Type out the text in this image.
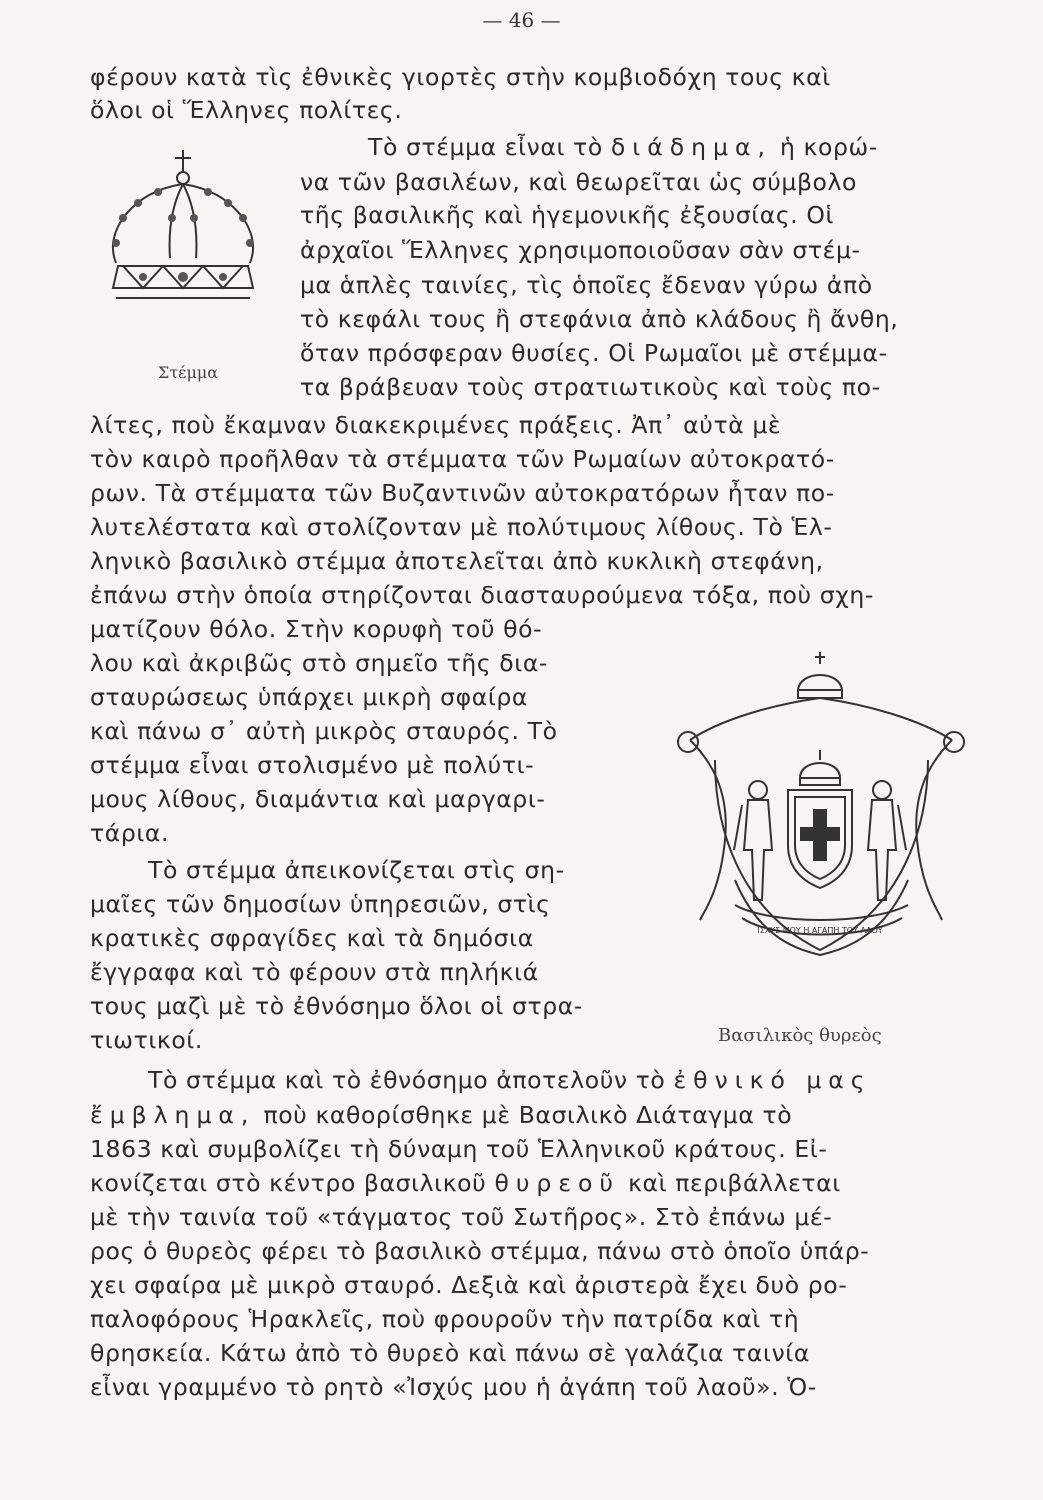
— 46 —
φέρουν κατὰ τὶς ἐθνικὲς γιορτὲς στὴν κομβιοδόχη τους καὶ
ὅλοι οἱ Ἕλληνες πολίτες.
Στέμμα
Τὸ στέμμα εἶναι τὸ διάδημα, ἡ κορώ-
να τῶν βασιλέων, καὶ θεωρεῖται ὡς σύμβολο
τῆς βασιλικῆς καὶ ἡγεμονικῆς ἐξουσίας. Οἱ
ἀρχαῖοι Ἕλληνες χρησιμοποιοῦσαν σὰν στέμ-
μα ἁπλὲς ταινίες, τὶς ὁποῖες ἔδεναν γύρω ἀπὸ
τὸ κεφάλι τους ἢ στεφάνια ἀπὸ κλάδους ἢ ἄνθη,
ὅταν πρόσφεραν θυσίες. Οἱ Ρωμαῖοι μὲ στέμμα-
τα βράβευαν τοὺς στρατιωτικοὺς καὶ τοὺς πο-
λίτες, ποὺ ἔκαμναν διακεκριμένες πράξεις. Ἀπ᾿ αὐτὰ μὲ
τὸν καιρὸ προῆλθαν τὰ στέμματα τῶν Ρωμαίων αὐτοκρατό-
ρων. Τὰ στέμματα τῶν Βυζαντινῶν αὐτοκρατόρων ἦταν πο-
λυτελέστατα καὶ στολίζονταν μὲ πολύτιμους λίθους. Τὸ Ἑλ-
ληνικὸ βασιλικὸ στέμμα ἀποτελεῖται ἀπὸ κυκλικὴ στεφάνη,
ἐπάνω στὴν ὁποία στηρίζονται διασταυρούμενα τόξα, ποὺ σχη-
ματίζουν θόλο. Στὴν κορυφὴ τοῦ θό-
λου καὶ ἀκριβῶς στὸ σημεῖο τῆς δια-
σταυρώσεως ὑπάρχει μικρὴ σφαίρα
καὶ πάνω σ᾿ αὐτὴ μικρὸς σταυρός. Τὸ
στέμμα εἶναι στολισμένο μὲ πολύτι-
μους λίθους, διαμάντια καὶ μαργαρι-
τάρια.
Τὸ στέμμα ἀπεικονίζεται στὶς ση-
μαῖες τῶν δημοσίων ὑπηρεσιῶν, στὶς
κρατικὲς σφραγίδες καὶ τὰ δημόσια
ἔγγραφα καὶ τὸ φέρουν στὰ πηλήκιά
τους μαζὶ μὲ τὸ ἐθνόσημο ὅλοι οἱ στρα-
τιωτικοί.
ΙΣΧΥΣ ΜΟΥ Η ΑΓΑΠΗ ΤΟΥ ΛΑΟΥ
Βασιλικὸς θυρεὸς
Τὸ στέμμα καὶ τὸ ἐθνόσημο ἀποτελοῦν τὸ ἐθνικό μας
ἔμβλημα, ποὺ καθορίσθηκε μὲ Βασιλικὸ Διάταγμα τὸ
1863 καὶ συμβολίζει τὴ δύναμη τοῦ Ἑλληνικοῦ κράτους. Εἰ-
κονίζεται στὸ κέντρο βασιλικοῦ θυρεοῦ καὶ περιβάλλεται
μὲ τὴν ταινία τοῦ «τάγματος τοῦ Σωτῆρος». Στὸ ἐπάνω μέ-
ρος ὁ θυρεὸς φέρει τὸ βασιλικὸ στέμμα, πάνω στὸ ὁποῖο ὑπάρ-
χει σφαίρα μὲ μικρὸ σταυρό. Δεξιὰ καὶ ἀριστερὰ ἔχει δυὸ ρο-
παλοφόρους Ἡρακλεῖς, ποὺ φρουροῦν τὴν πατρίδα καὶ τὴ
θρησκεία. Κάτω ἀπὸ τὸ θυρεὸ καὶ πάνω σὲ γαλάζια ταινία
εἶναι γραμμένο τὸ ρητὸ «Ἰσχύς μου ἡ ἀγάπη τοῦ λαοῦ». Ὁ-
